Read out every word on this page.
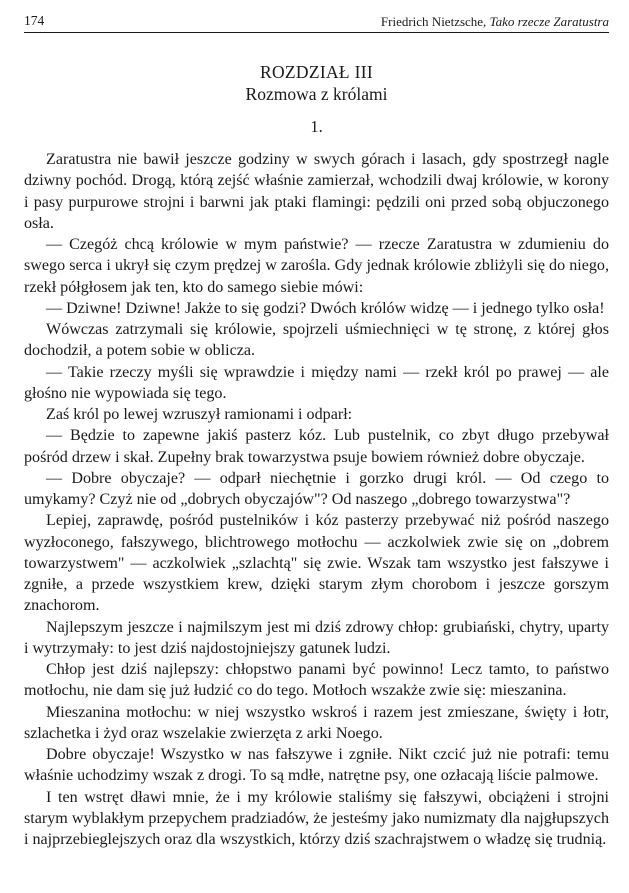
174	Friedrich Nietzsche, Tako rzecze Zaratustra
ROZDZIAŁ III
Rozmowa z królami
1.

Zaratustra nie bawił jeszcze godziny w swych górach i lasach, gdy spostrzegł nagle dziwny pochód. Drogą, którą zejść właśnie zamierzał, wchodzili dwaj królowie, w korony i pasy purpurowe strojni i barwni jak ptaki flamingi: pędzili oni przed sobą objuczonego osła.

— Czegóż chcą królowie w mym państwie? — rzecze Zaratustra w zdumieniu do swego serca i ukrył się czym prędzej w zarośla. Gdy jednak królowie zbliżyli się do niego, rzekł półgłosem jak ten, kto do samego siebie mówi:

— Dziwne! Dziwne! Jakże to się godzi? Dwóch królów widzę — i jednego tylko osła!

Wówczas zatrzymali się królowie, spojrzeli uśmiechnięci w tę stronę, z której głos dochodził, a potem sobie w oblicza.

— Takie rzeczy myśli się wprawdzie i między nami — rzekł król po prawej — ale głośno nie wypowiada się tego.

Zaś król po lewej wzruszył ramionami i odparł:

— Będzie to zapewne jakiś pasterz kóz. Lub pustelnik, co zbyt długo przebywał pośród drzew i skał. Zupełny brak towarzystwa psuje bowiem również dobre obyczaje.

— Dobre obyczaje? — odparł niechętnie i gorzko drugi król. — Od czego to umykamy? Czyż nie od „dobrych obyczajów"? Od naszego „dobrego towarzystwa"?

Lepiej, zaprawdę, pośród pustelników i kóz pasterzy przebywać niż pośród naszego wyzłoconego, fałszywego, blichtrowego motłochu — aczkolwiek zwie się on „dobrem towarzystwem" — aczkolwiek „szlachtą" się zwie. Wszak tam wszystko jest fałszywe i zgniłe, a przede wszystkiem krew, dzięki starym złym chorobom i jeszcze gorszym znachorom.

Najlepszym jeszcze i najmilszym jest mi dziś zdrowy chłop: grubiański, chytry, uparty i wytrzymały: to jest dziś najdostojniejszy gatunek ludzi.

Chłop jest dziś najlepszy: chłopstwo panami być powinno! Lecz tamto, to państwo motłochu, nie dam się już łudzić co do tego. Motłoch wszakże zwie się: mieszanina.

Mieszanina motłochu: w niej wszystko wskroś i razem jest zmieszane, święty i łotr, szlachetka i żyd oraz wszelakie zwierzęta z arki Noego.

Dobre obyczaje! Wszystko w nas fałszywe i zgniłe. Nikt czcić już nie potrafi: temu właśnie uchodzimy wszak z drogi. To są mdłe, natrętne psy, one ozłacają liście palmowe.

I ten wstręt dławi mnie, że i my królowie staliśmy się fałszywi, obciążeni i strojni starym wyblakłym przepychem pradziadów, że jesteśmy jako numizmaty dla najgłupszych i najprzebieglejszych oraz dla wszystkich, którzy dziś szachrajstwem o władzę się trudnią.
